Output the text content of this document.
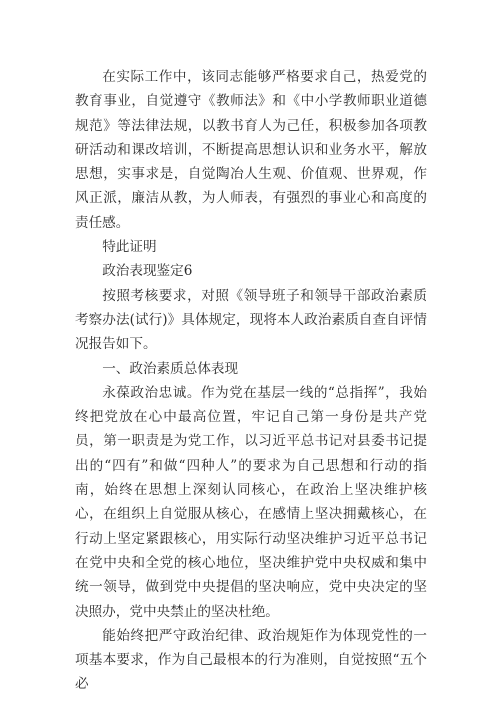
在实际工作中，该同志能够严格要求自己，热爱党的教育事业，自觉遵守《教师法》和《中小学教师职业道德规范》等法律法规，以教书育人为己任，积极参加各项教研活动和课改培训，不断提高思想认识和业务水平，解放思想，实事求是，自觉陶冶人生观、价值观、世界观，作风正派，廉洁从教，为人师表，有强烈的事业心和高度的责任感。

特此证明

政治表现鉴定6

按照考核要求，对照《领导班子和领导干部政治素质考察办法(试行)》具体规定，现将本人政治素质自查自评情况报告如下。

一、政治素质总体表现

永葆政治忠诚。作为党在基层一线的“总指挥”，我始终把党放在心中最高位置，牢记自己第一身份是共产党员，第一职责是为党工作，以习近平总书记对县委书记提出的“四有”和做“四种人”的要求为自己思想和行动的指南，始终在思想上深刻认同核心，在政治上坚决维护核心，在组织上自觉服从核心，在感情上坚决拥戴核心，在行动上坚定紧跟核心，用实际行动坚决维护习近平总书记在党中央和全党的核心地位，坚决维护党中央权威和集中统一领导，做到党中央提倡的坚决响应，党中央决定的坚决照办，党中央禁止的坚决杜绝。

能始终把严守政治纪律、政治规矩作为体现党性的一项基本要求，作为自己最根本的行为准则，自觉按照“五个必
